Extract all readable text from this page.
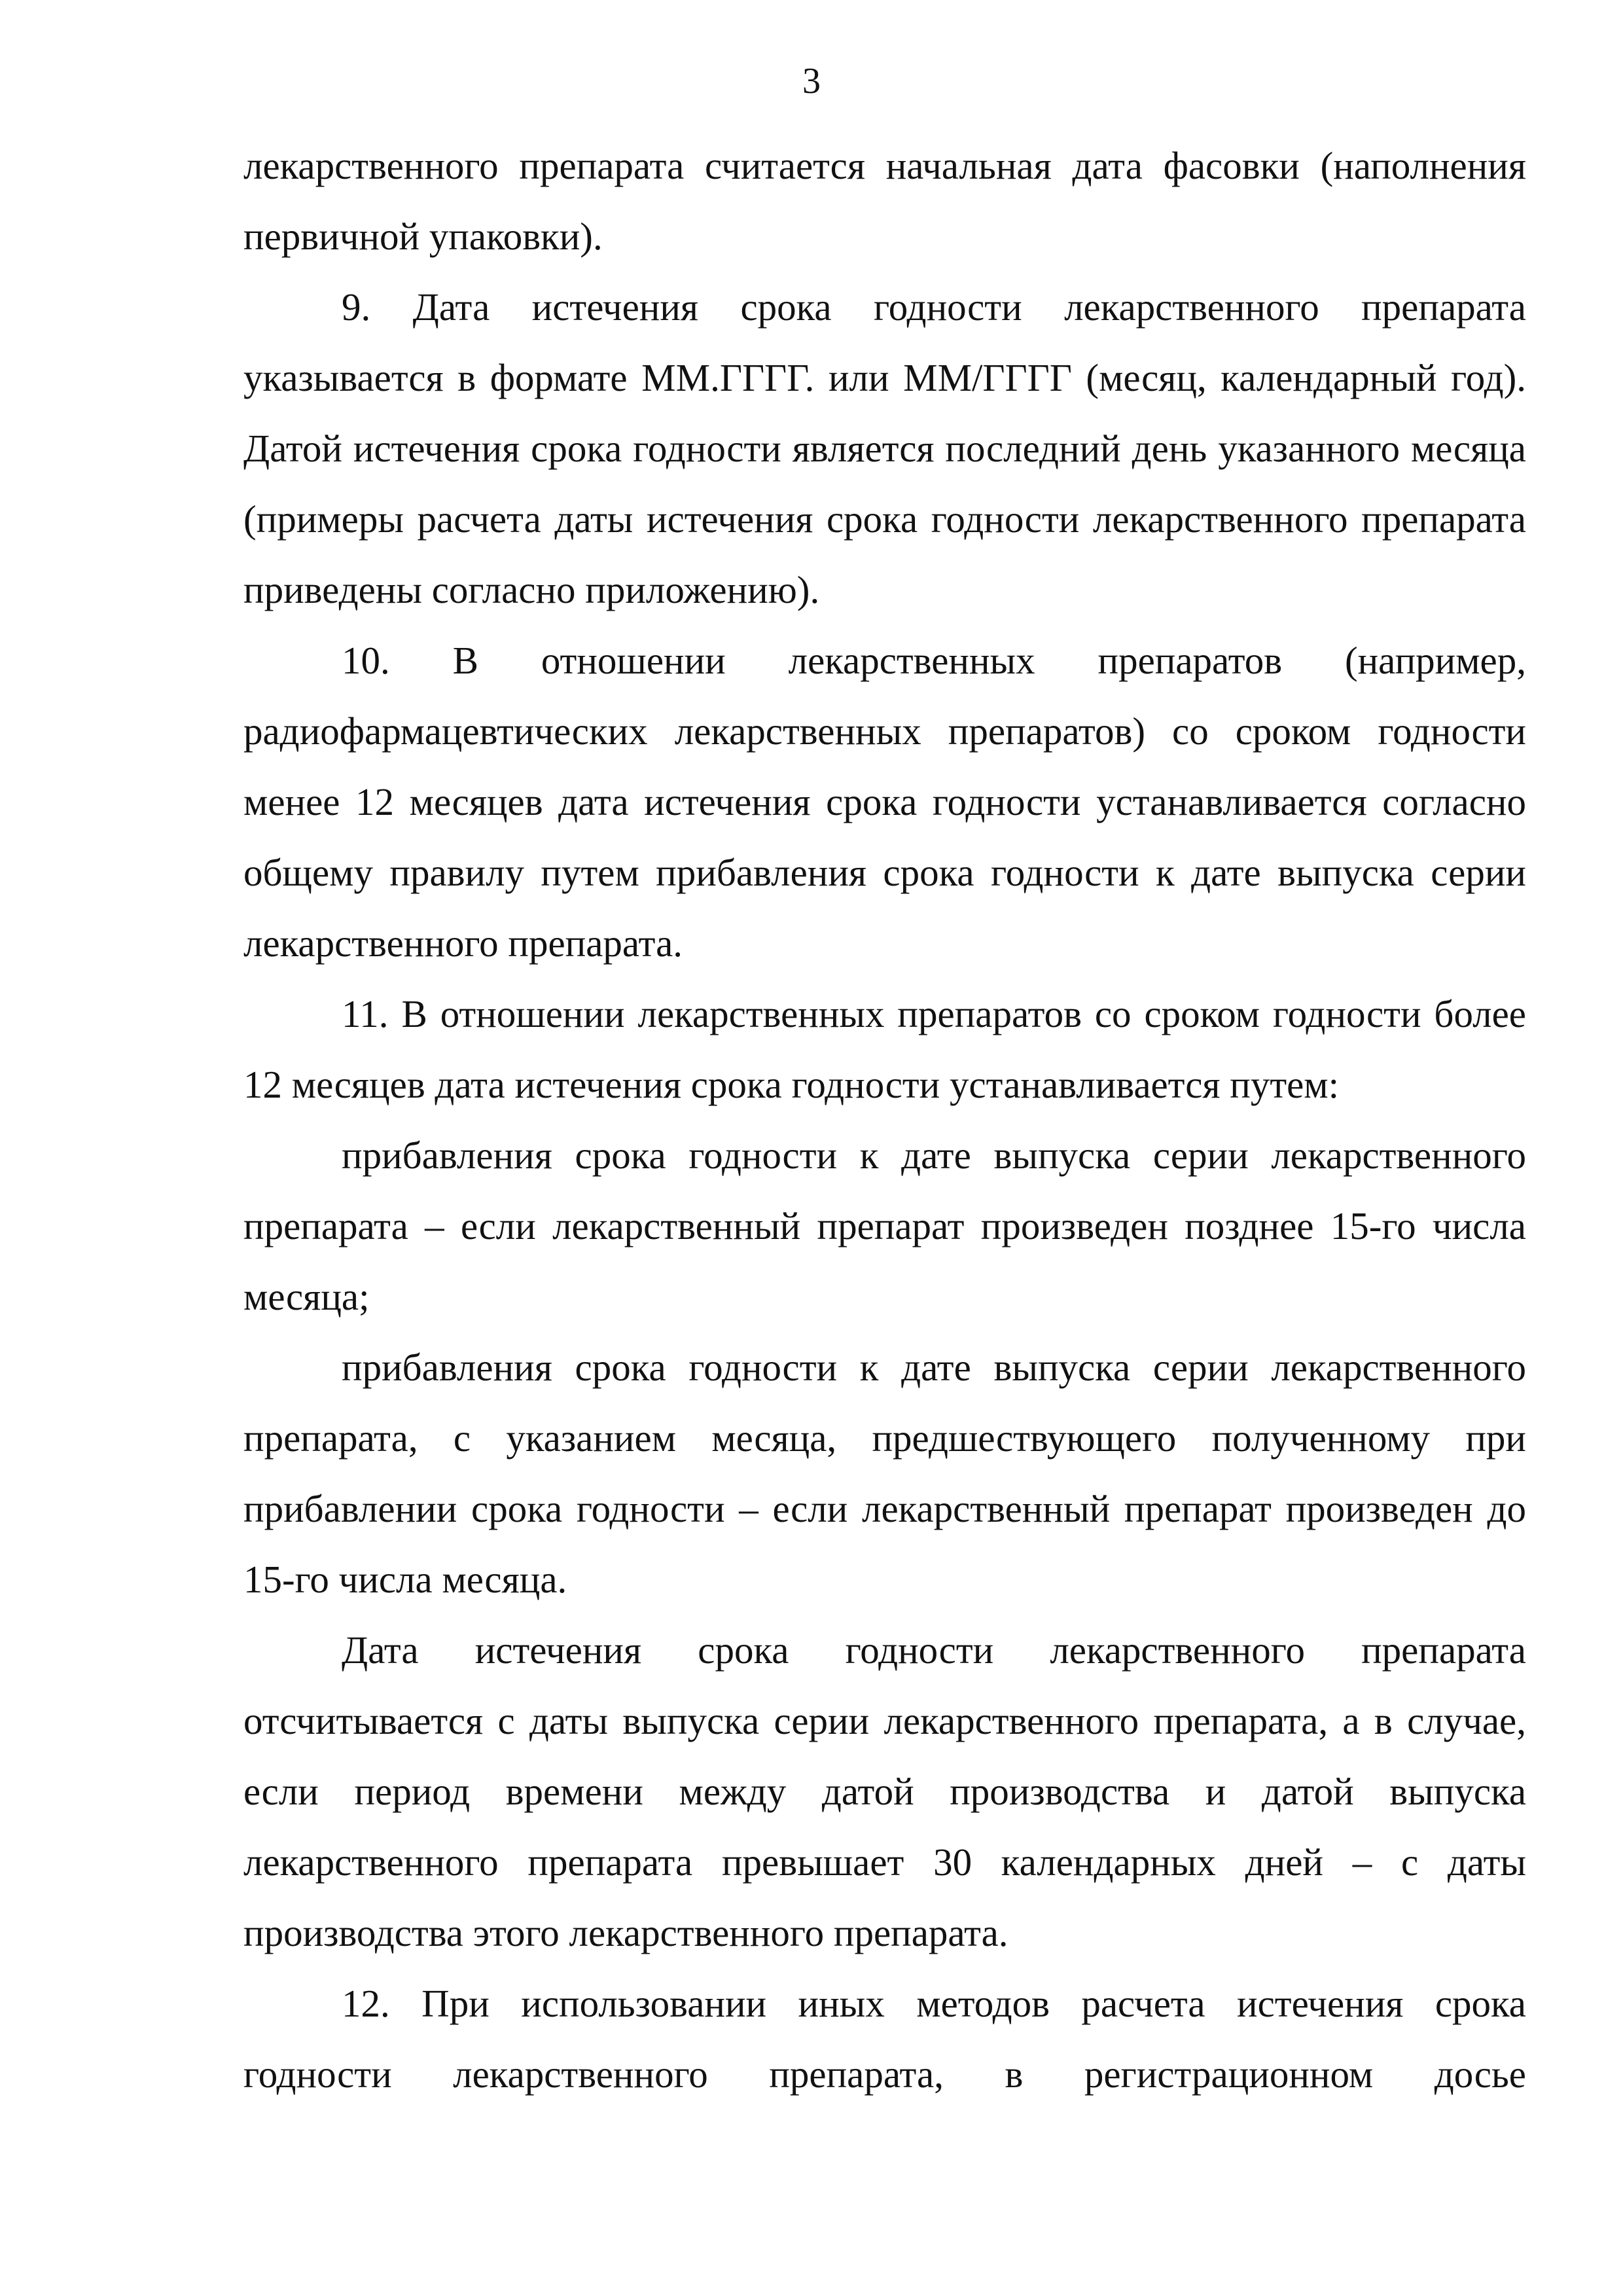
3

лекарственного препарата считается начальная дата фасовки (наполнения первичной упаковки).

9. Дата истечения срока годности лекарственного препарата указывается в формате ММ.ГГГГ. или ММ/ГГГГ (месяц, календарный год). Датой истечения срока годности является последний день указанного месяца (примеры расчета даты истечения срока годности лекарственного препарата приведены согласно приложению).

10. В отношении лекарственных препаратов (например, радиофармацевтических лекарственных препаратов) со сроком годности менее 12 месяцев дата истечения срока годности устанавливается согласно общему правилу путем прибавления срока годности к дате выпуска серии лекарственного препарата.

11. В отношении лекарственных препаратов со сроком годности более 12 месяцев дата истечения срока годности устанавливается путем:

прибавления срока годности к дате выпуска серии лекарственного препарата – если лекарственный препарат произведен позднее 15-го числа месяца;

прибавления срока годности к дате выпуска серии лекарственного препарата, с указанием месяца, предшествующего полученному при прибавлении срока годности – если лекарственный препарат произведен до 15-го числа месяца.

Дата истечения срока годности лекарственного препарата отсчитывается с даты выпуска серии лекарственного препарата, а в случае, если период времени между датой производства и датой выпуска лекарственного препарата превышает 30 календарных дней – с даты производства этого лекарственного препарата.

12. При использовании иных методов расчета истечения срока годности лекарственного препарата, в регистрационном досье
